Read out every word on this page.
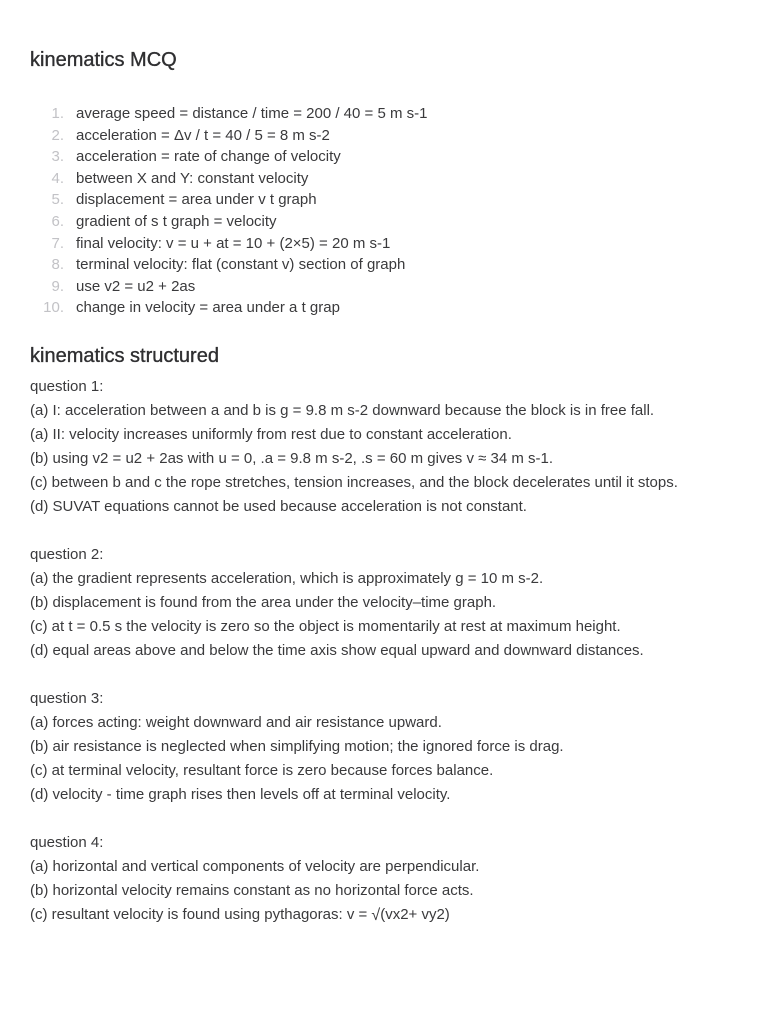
kinematics MCQ
1. average speed = distance / time = 200 / 40 = 5 m s-1
2. acceleration = Δv / t = 40 / 5 = 8 m s-2
3. acceleration = rate of change of velocity
4. between X and Y: constant velocity
5. displacement = area under v t graph
6. gradient of s t graph = velocity
7. final velocity: v = u + at = 10 + (2×5) = 20 m s-1
8. terminal velocity: flat (constant v) section of graph
9. use v2 = u2 + 2as
10. change in velocity = area under a t grap
kinematics structured

question 1:

(a) I: acceleration between a and b is g = 9.8 m s-2 downward because the block is in free fall.

(a) II: velocity increases uniformly from rest due to constant acceleration.

(b) using v2 = u2 + 2as with u = 0, .a = 9.8 m s-2, .s = 60 m gives v ≈ 34 m s-1.

(c) between b and c the rope stretches, tension increases, and the block decelerates until it stops.

(d) SUVAT equations cannot be used because acceleration is not constant.

question 2:

(a) the gradient represents acceleration, which is approximately g = 10 m s-2.

(b) displacement is found from the area under the velocity–time graph.

(c) at t = 0.5 s the velocity is zero so the object is momentarily at rest at maximum height.

(d) equal areas above and below the time axis show equal upward and downward distances.

question 3:

(a) forces acting: weight downward and air resistance upward.

(b) air resistance is neglected when simplifying motion; the ignored force is drag.

(c) at terminal velocity, resultant force is zero because forces balance.

(d) velocity - time graph rises then levels off at terminal velocity.

question 4:

(a) horizontal and vertical components of velocity are perpendicular.

(b) horizontal velocity remains constant as no horizontal force acts.

(c) resultant velocity is found using pythagoras: v = √(vx2+ vy2)
